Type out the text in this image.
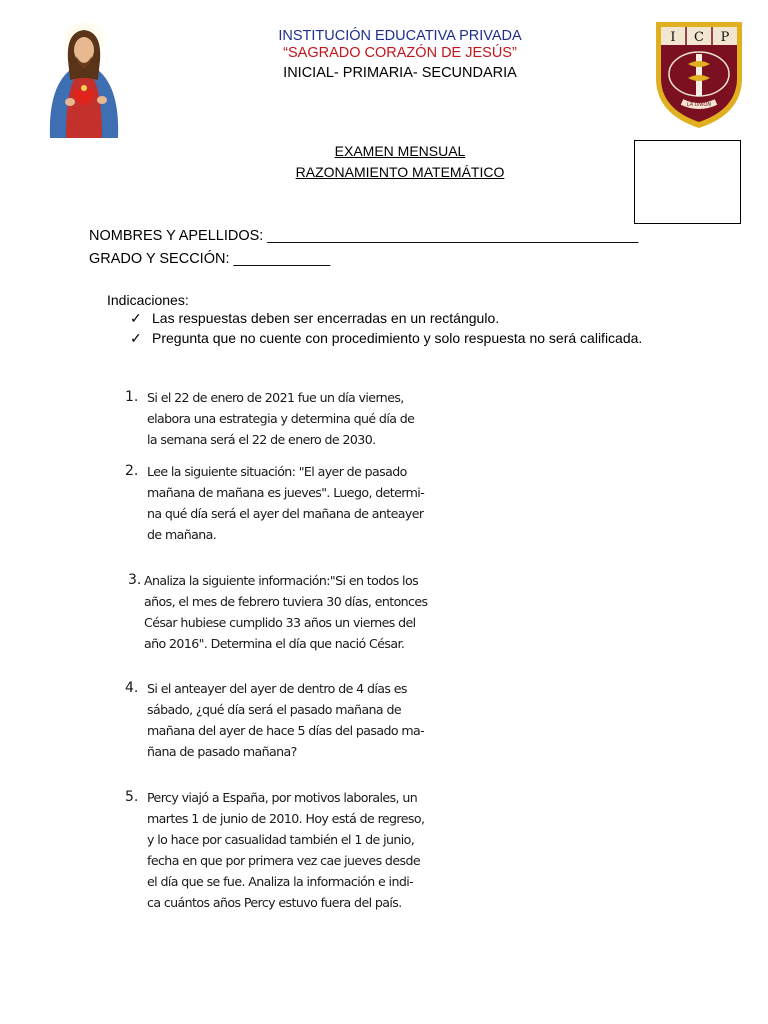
INSTITUCIÓN EDUCATIVA PRIVADA
“SAGRADO CORAZÓN DE JESÚS”
INICIAL- PRIMARIA- SECUNDARIA
I C P
LA UNIÓN
EXAMEN MENSUAL
RAZONAMIENTO MATEMÁTICO
NOMBRES Y APELLIDOS: ______________________________________________
GRADO Y SECCIÓN: ____________
Indicaciones:
✓ Las respuestas deben ser encerradas en un rectángulo.
✓ Pregunta que no cuente con procedimiento y solo respuesta no será calificada.
1. Si el 22 de enero de 2021 fue un día viernes,
elabora una estrategia y determina qué día de
la semana será el 22 de enero de 2030.
2. Lee la siguiente situación: "El ayer de pasado
mañana de mañana es jueves". Luego, determi-
na qué día será el ayer del mañana de anteayer
de mañana.
3. Analiza la siguiente información:"Si en todos los
años, el mes de febrero tuviera 30 días, entonces
César hubiese cumplido 33 años un viernes del
año 2016". Determina el día que nació César.
4. Si el anteayer del ayer de dentro de 4 días es
sábado, ¿qué día será el pasado mañana de
mañana del ayer de hace 5 días del pasado ma-
ñana de pasado mañana?
5. Percy viajó a España, por motivos laborales, un
martes 1 de junio de 2010. Hoy está de regreso,
y lo hace por casualidad también el 1 de junio,
fecha en que por primera vez cae jueves desde
el día que se fue. Analiza la información e indi-
ca cuántos años Percy estuvo fuera del país.
